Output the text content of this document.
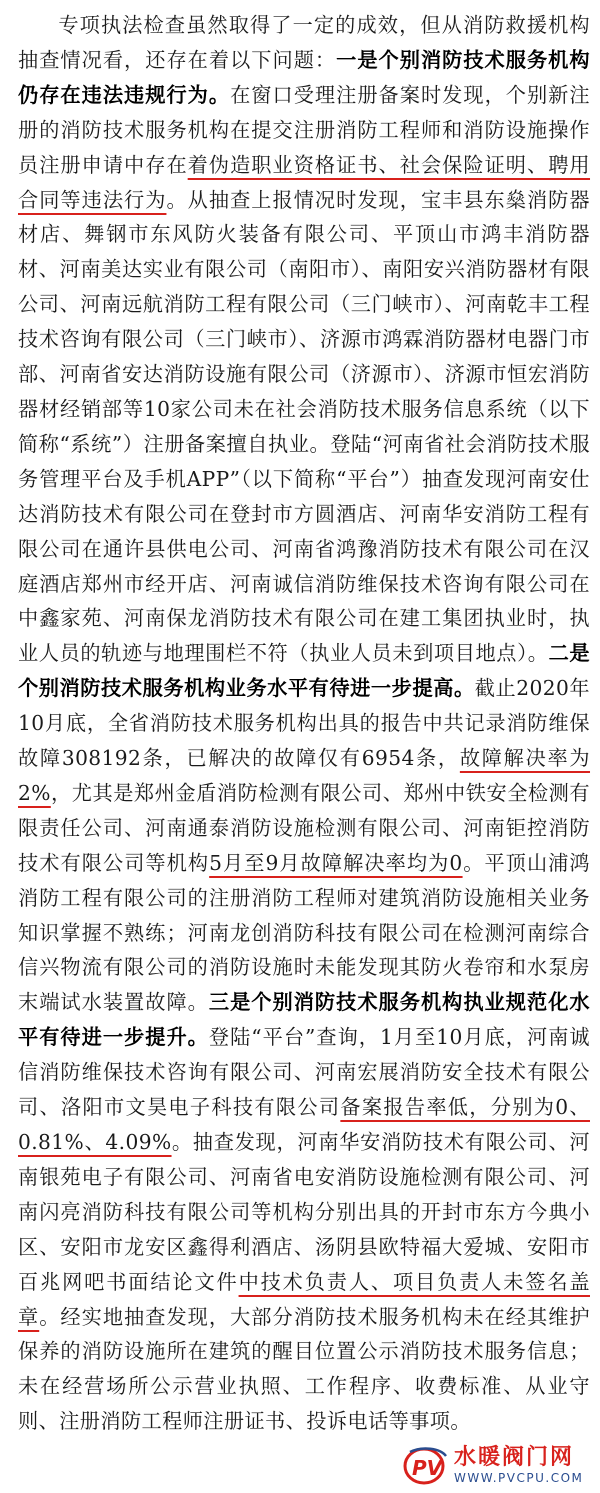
专项执法检查虽然取得了一定的成效，但从消防救援机构抽查情况看，还存在着以下问题：一是个别消防技术服务机构仍存在违法违规行为。在窗口受理注册备案时发现，个别新注册的消防技术服务机构在提交注册消防工程师和消防设施操作员注册申请中存在着伪造职业资格证书、社会保险证明、聘用合同等违法行为。从抽查上报情况时发现，宝丰县东燊消防器材店、舞钢市东风防火装备有限公司、平顶山市鸿丰消防器材、河南美达实业有限公司（南阳市）、南阳安兴消防器材有限公司、河南远航消防工程有限公司（三门峡市）、河南乾丰工程技术咨询有限公司（三门峡市）、济源市鸿霖消防器材电器门市部、河南省安达消防设施有限公司（济源市）、济源市恒宏消防器材经销部等10家公司未在社会消防技术服务信息系统（以下简称“系统”）注册备案擅自执业。登陆“河南省社会消防技术服务管理平台及手机APP”（以下简称“平台”）抽查发现河南安仕达消防技术有限公司在登封市方圆酒店、河南华安消防工程有限公司在通许县供电公司、河南省鸿豫消防技术有限公司在汉庭酒店郑州市经开店、河南诚信消防维保技术咨询有限公司在中鑫家苑、河南保龙消防技术有限公司在建工集团执业时，执业人员的轨迹与地理围栏不符（执业人员未到项目地点）。二是个别消防技术服务机构业务水平有待进一步提高。截止2020年10月底，全省消防技术服务机构出具的报告中共记录消防维保故障308192条，已解决的故障仅有6954条，故障解决率为2%，尤其是郑州金盾消防检测有限公司、郑州中铁安全检测有限责任公司、河南通泰消防设施检测有限公司、河南钜控消防技术有限公司等机构5月至9月故障解决率均为0。平顶山浦鸿消防工程有限公司的注册消防工程师对建筑消防设施相关业务知识掌握不熟练；河南龙创消防科技有限公司在检测河南综合信兴物流有限公司的消防设施时未能发现其防火卷帘和水泵房末端试水装置故障。三是个别消防技术服务机构执业规范化水平有待进一步提升。登陆“平台”查询，1月至10月底，河南诚信消防维保技术咨询有限公司、河南宏展消防安全技术有限公司、洛阳市文昊电子科技有限公司备案报告率低，分别为0、0.81%、4.09%。抽查发现，河南华安消防技术有限公司、河南银苑电子有限公司、河南省电安消防设施检测有限公司、河南闪亮消防科技有限公司等机构分别出具的开封市东方今典小区、安阳市龙安区鑫得利酒店、汤阴县欧特福大爱城、安阳市百兆网吧书面结论文件中技术负责人、项目负责人未签名盖章。经实地抽查发现，大部分消防技术服务机构未在经其维护保养的消防设施所在建筑的醒目位置公示消防技术服务信息；未在经营场所公示营业执照、工作程序、收费标准、从业守则、注册消防工程师注册证书、投诉电话等事项。

PV 水暖阀门网
WWW.PVCPU.COM
